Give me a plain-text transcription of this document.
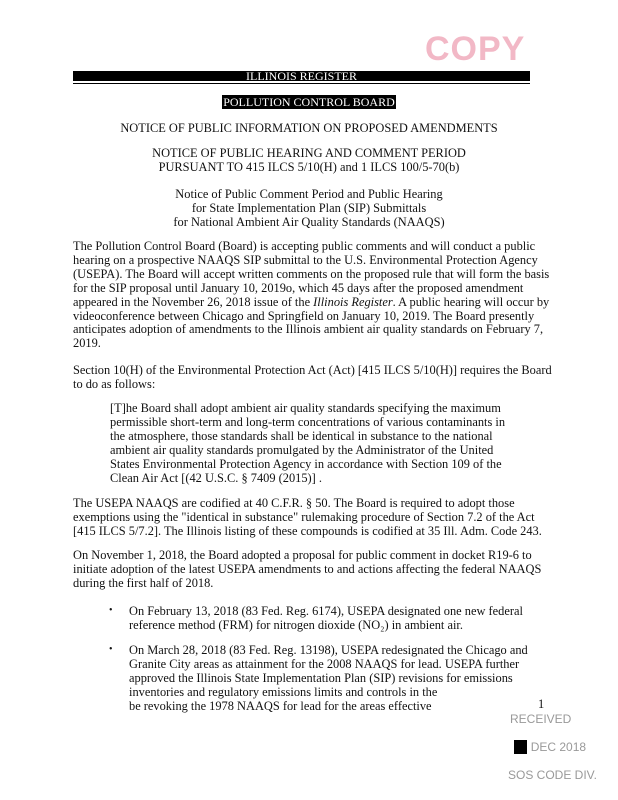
COPY
ILLINOIS REGISTER
POLLUTION CONTROL BOARD
NOTICE OF PUBLIC INFORMATION ON PROPOSED AMENDMENTS
NOTICE OF PUBLIC HEARING AND COMMENT PERIOD
PURSUANT TO 415 ILCS 5/10(H) and 1 ILCS 100/5-70(b)
Notice of Public Comment Period and Public Hearing
for State Implementation Plan (SIP) Submittals
for National Ambient Air Quality Standards (NAAQS)
The Pollution Control Board (Board) is accepting public comments and will conduct a public
hearing on a prospective NAAQS SIP submittal to the U.S. Environmental Protection Agency
(USEPA). The Board will accept written comments on the proposed rule that will form the basis
for the SIP proposal until January 10, 2019o, which 45 days after the proposed amendment
appeared in the November 26, 2018 issue of the Illinois Register. A public hearing will occur by
videoconference between Chicago and Springfield on January 10, 2019. The Board presently
anticipates adoption of amendments to the Illinois ambient air quality standards on February 7,
2019.
Section 10(H) of the Environmental Protection Act (Act) [415 ILCS 5/10(H)] requires the Board
to do as follows:
[T]he Board shall adopt ambient air quality standards specifying the maximum
permissible short-term and long-term concentrations of various contaminants in
the atmosphere, those standards shall be identical in substance to the national
ambient air quality standards promulgated by the Administrator of the United
States Environmental Protection Agency in accordance with Section 109 of the
Clean Air Act [(42 U.S.C. § 7409 (2015)] .
The USEPA NAAQS are codified at 40 C.F.R. § 50. The Board is required to adopt those
exemptions using the "identical in substance" rulemaking procedure of Section 7.2 of the Act
[415 ILCS 5/7.2]. The Illinois listing of these compounds is codified at 35 Ill. Adm. Code 243.
On November 1, 2018, the Board adopted a proposal for public comment in docket R19-6 to
initiate adoption of the latest USEPA amendments to and actions affecting the federal NAAQS
during the first half of 2018.
• On February 13, 2018 (83 Fed. Reg. 6174), USEPA designated one new federal
reference method (FRM) for nitrogen dioxide (NO₂) in ambient air.
• On March 28, 2018 (83 Fed. Reg. 13198), USEPA redesignated the Chicago and
Granite City areas as attainment for the 2008 NAAQS for lead. USEPA further
approved the Illinois State Implementation Plan (SIP) revisions for emissions
inventories and regulatory emissions limits and controls in the
be revoking the 1978 NAAQS for lead for the areas effective
RECEIVED
DEC 2018
SOS CODE DIV.
1
